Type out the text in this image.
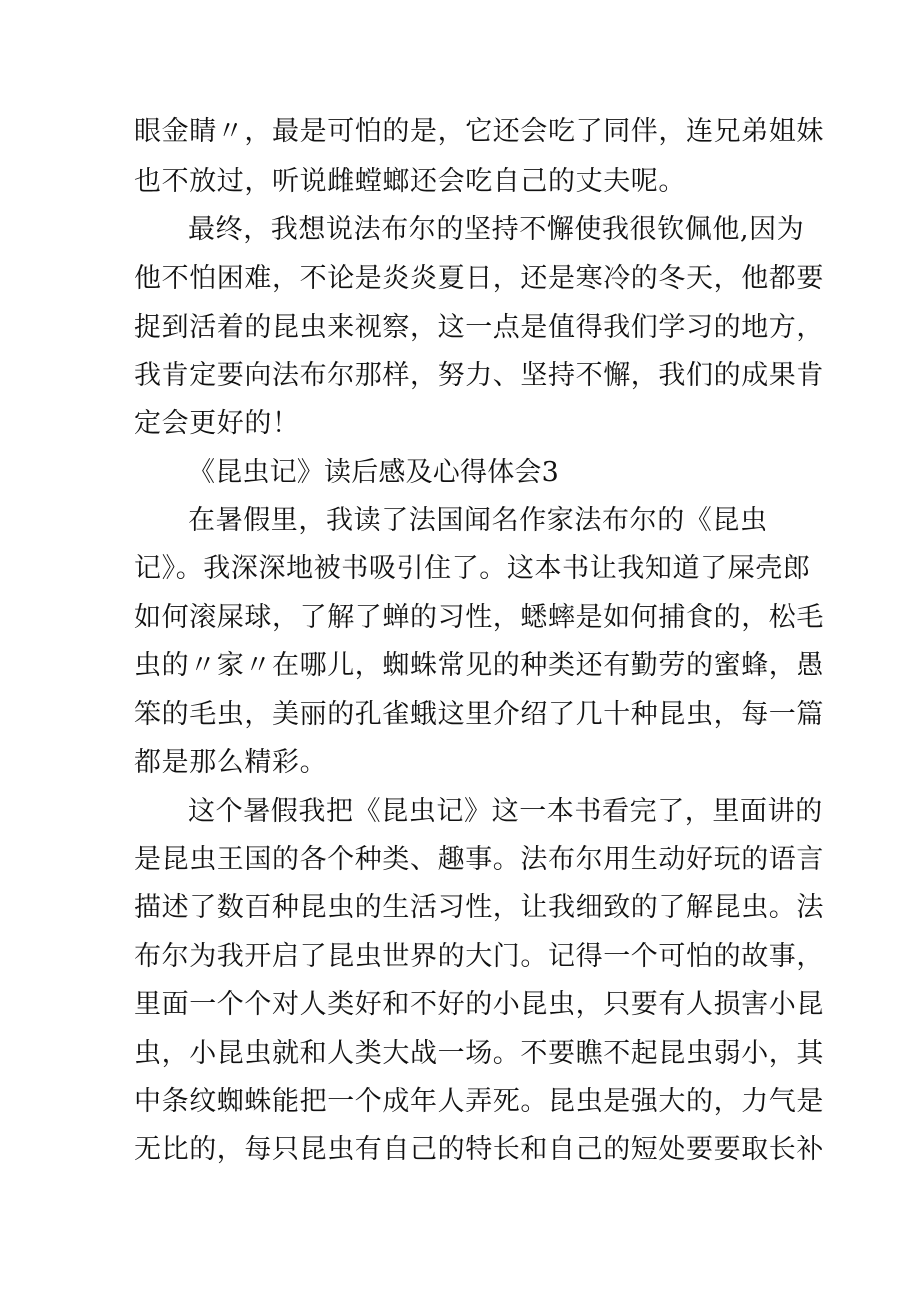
眼金睛〃，最是可怕的是，它还会吃了同伴，连兄弟姐妹
也不放过，听说雌螳螂还会吃自己的丈夫呢。
最终，我想说法布尔的坚持不懈使我很钦佩他,因为
他不怕困难，不论是炎炎夏日，还是寒冷的冬天，他都要
捉到活着的昆虫来视察，这一点是值得我们学习的地方，
我肯定要向法布尔那样，努力、坚持不懈，我们的成果肯
定会更好的！
《昆虫记》读后感及心得体会3
在暑假里，我读了法国闻名作家法布尔的《昆虫
记》。我深深地被书吸引住了。这本书让我知道了屎壳郎
如何滚屎球，了解了蝉的习性，蟋蟀是如何捕食的，松毛
虫的〃家〃在哪儿，蜘蛛常见的种类还有勤劳的蜜蜂，愚
笨的毛虫，美丽的孔雀蛾这里介绍了几十种昆虫，每一篇
都是那么精彩。
这个暑假我把《昆虫记》这一本书看完了，里面讲的
是昆虫王国的各个种类、趣事。法布尔用生动好玩的语言
描述了数百种昆虫的生活习性，让我细致的了解昆虫。法
布尔为我开启了昆虫世界的大门。记得一个可怕的故事，
里面一个个对人类好和不好的小昆虫，只要有人损害小昆
虫，小昆虫就和人类大战一场。不要瞧不起昆虫弱小，其
中条纹蜘蛛能把一个成年人弄死。昆虫是强大的，力气是
无比的，每只昆虫有自己的特长和自己的短处要要取长补
